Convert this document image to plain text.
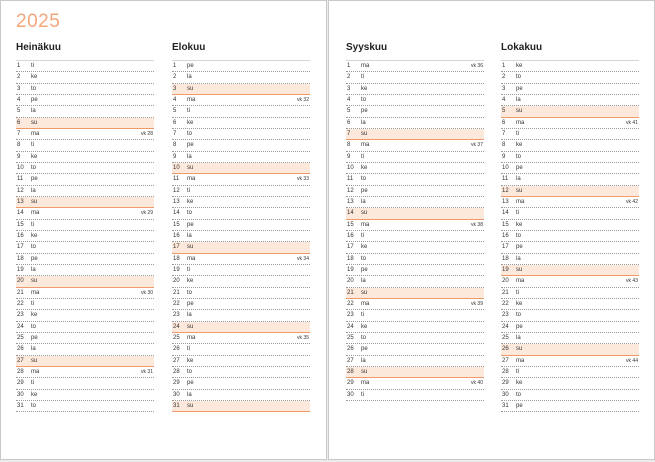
2025
Heinäkuu
1 ti
2 ke
3 to
4 pe
5 la
6 su
7 ma	vk 28
8 ti
9 ke
10 to
11 pe
12 la
13 su
14 ma	vk 29
15 ti
16 ke
17 to
18 pe
19 la
20 su
21 ma	vk 30
22 ti
23 ke
24 to
25 pe
26 la
27 su
28 ma	vk 31
29 ti
30 ke
31 to
Elokuu
1 pe
2 la
3 su
4 ma	vk 32
5 ti
6 ke
7 to
8 pe
9 la
10 su
11 ma	vk 33
12 ti
13 ke
14 to
15 pe
16 la
17 su
18 ma	vk 34
19 ti
20 ke
21 to
22 pe
23 la
24 su
25 ma	vk 35
26 ti
27 ke
28 to
29 pe
30 la
31 su
Syyskuu
1 ma	vk 36
2 ti
3 ke
4 to
5 pe
6 la
7 su
8 ma	vk 37
9 ti
10 ke
11 to
12 pe
13 la
14 su
15 ma	vk 38
16 ti
17 ke
18 to
19 pe
20 la
21 su
22 ma	vk 39
23 ti
24 ke
25 to
26 pe
27 la
28 su
29 ma	vk 40
30 ti
Lokakuu
1 ke
2 to
3 pe
4 la
5 su
6 ma	vk 41
7 ti
8 ke
9 to
10 pe
11 la
12 su
13 ma	vk 42
14 ti
15 ke
16 to
17 pe
18 la
19 su
20 ma	vk 43
21 ti
22 ke
23 to
24 pe
25 la
26 su
27 ma	vk 44
28 ti
29 ke
30 to
31 pe
